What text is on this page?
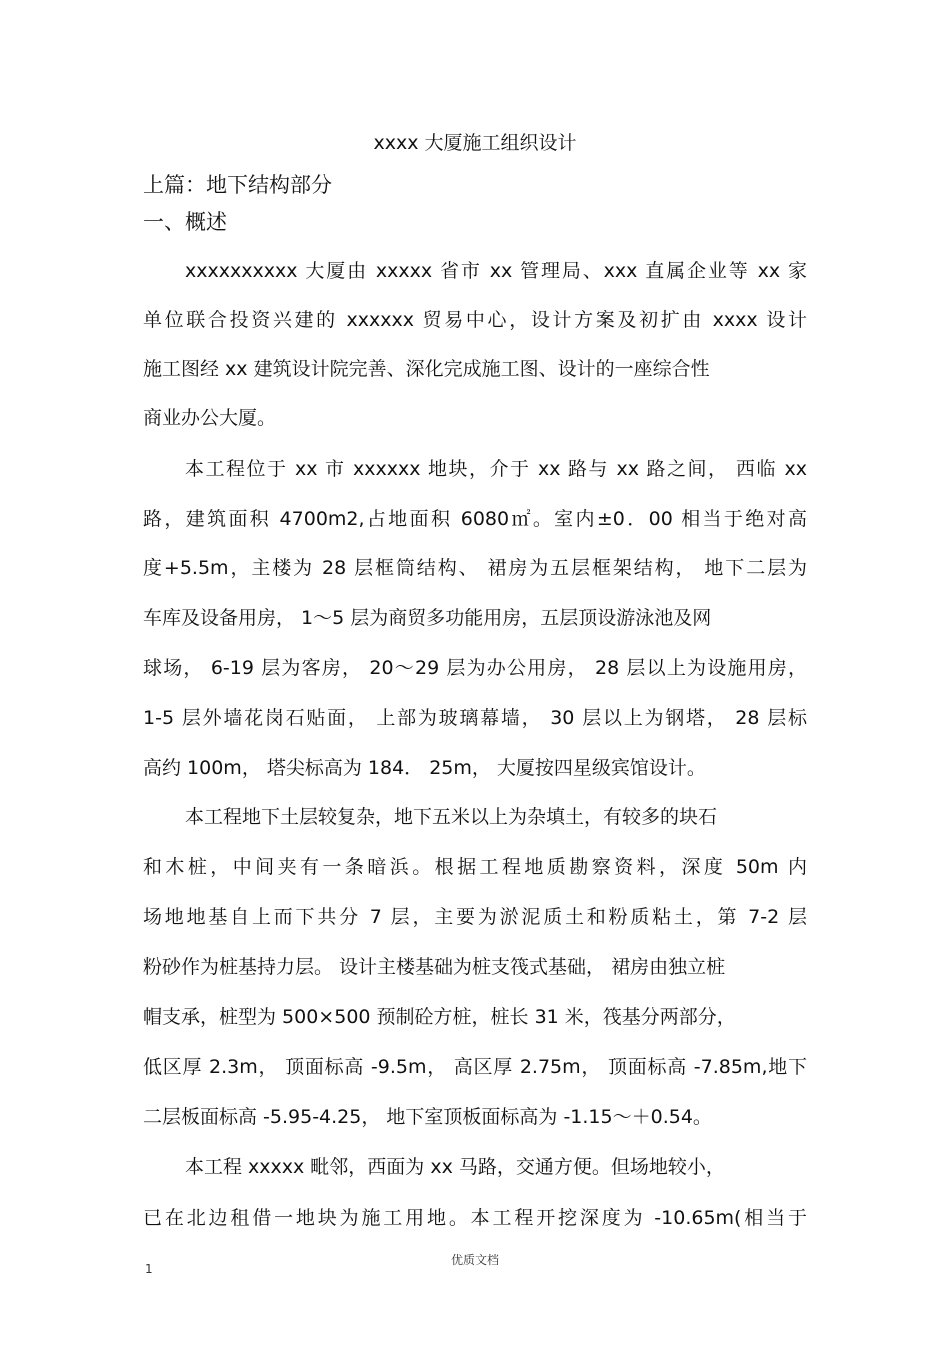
xxxx 大厦施工组织设计
上篇：地下结构部分
一、概述
xxxxxxxxxx 大厦由 xxxxx 省市 xx 管理局、xxx 直属企业等 xx 家
单位联合投资兴建的 xxxxxx 贸易中心，设计方案及初扩由 xxxx 设计
施工图经 xx 建筑设计院完善、深化完成施工图、设计的一座综合性
商业办公大厦。
本工程位于 xx 市 xxxxxx 地块，介于 xx 路与 xx 路之间， 西临 xx
路，建筑面积 4700m2,占地面积 6080㎡。室内±0．00 相当于绝对高
度+5.5m，主楼为 28 层框筒结构、 裙房为五层框架结构， 地下二层为
车库及设备用房， 1～5 层为商贸多功能用房，五层顶设游泳池及网
球场， 6-19 层为客房， 20～29 层为办公用房， 28 层以上为设施用房，
1-5 层外墙花岗石贴面， 上部为玻璃幕墙， 30 层以上为钢塔， 28 层标
高约 100m， 塔尖标高为 184． 25m， 大厦按四星级宾馆设计。
本工程地下土层较复杂，地下五米以上为杂填土，有较多的块石
和木桩，中间夹有一条暗浜。根据工程地质勘察资料，深度 50m 内
场地地基自上而下共分 7 层，主要为淤泥质土和粉质粘土，第 7-2 层
粉砂作为桩基持力层。 设计主楼基础为桩支筏式基础， 裙房由独立桩
帽支承，桩型为 500×500 预制砼方桩，桩长 31 米，筏基分两部分，
低区厚 2.3m， 顶面标高 -9.5m， 高区厚 2.75m， 顶面标高 -7.85m,地下
二层板面标高 -5.95-4.25， 地下室顶板面标高为 -1.15～＋0.54。
本工程 xxxxx 毗邻，西面为 xx 马路，交通方便。但场地较小，
已在北边租借一地块为施工用地。本工程开挖深度为 -10.65m(相当于
优质文档
1
